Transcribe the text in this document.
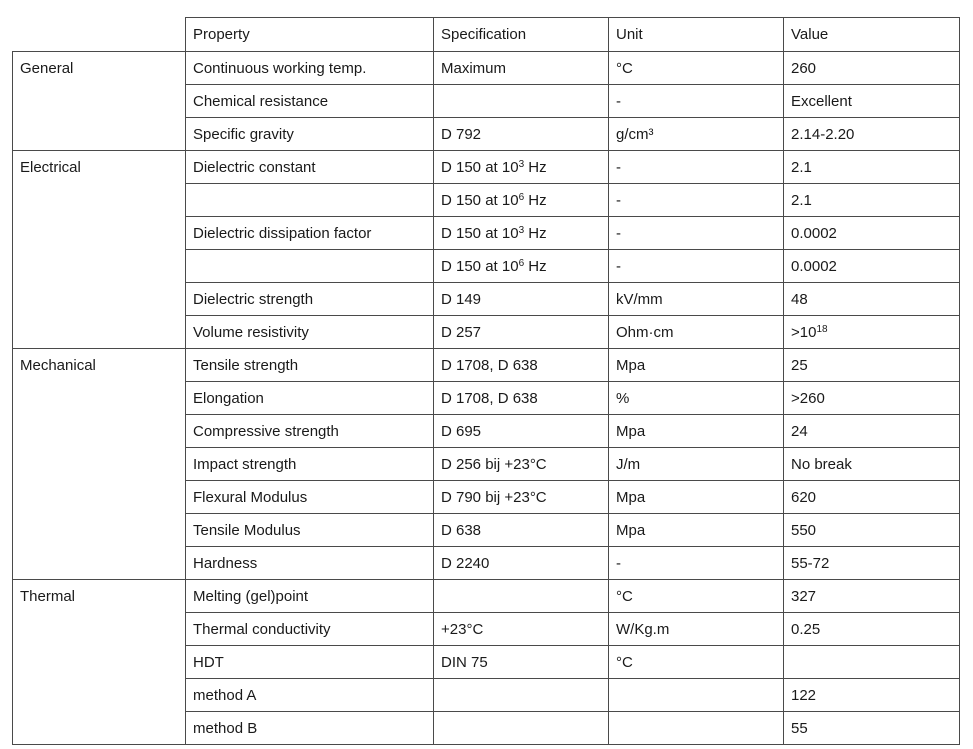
	Property	Specification	Unit	Value
General	Continuous working temp.	Maximum	°C	260
	Chemical resistance		-	Excellent
	Specific gravity	D 792	g/cm³	2.14-2.20
Electrical	Dielectric constant	D 150 at $10^3$ Hz	-	2.1
		D 150 at $10^6$ Hz	-	2.1
	Dielectric dissipation factor	D 150 at $10^3$ Hz	-	0.0002
		D 150 at $10^6$ Hz	-	0.0002
	Dielectric strength	D 149	kV/mm	48
	Volume resistivity	D 257	Ohm·cm	$>10^{18}$
Mechanical	Tensile strength	D 1708, D 638	Mpa	25
	Elongation	D 1708, D 638	%	>260
	Compressive strength	D 695	Mpa	24
	Impact strength	D 256 bij +23°C	J/m	No break
	Flexural Modulus	D 790 bij +23°C	Mpa	620
	Tensile Modulus	D 638	Mpa	550
	Hardness	D 2240	-	55-72
Thermal	Melting (gel)point		°C	327
	Thermal conductivity	+23°C	W/Kg.m	0.25
	HDT	DIN 75	°C	
	method A			122
	method B			55
